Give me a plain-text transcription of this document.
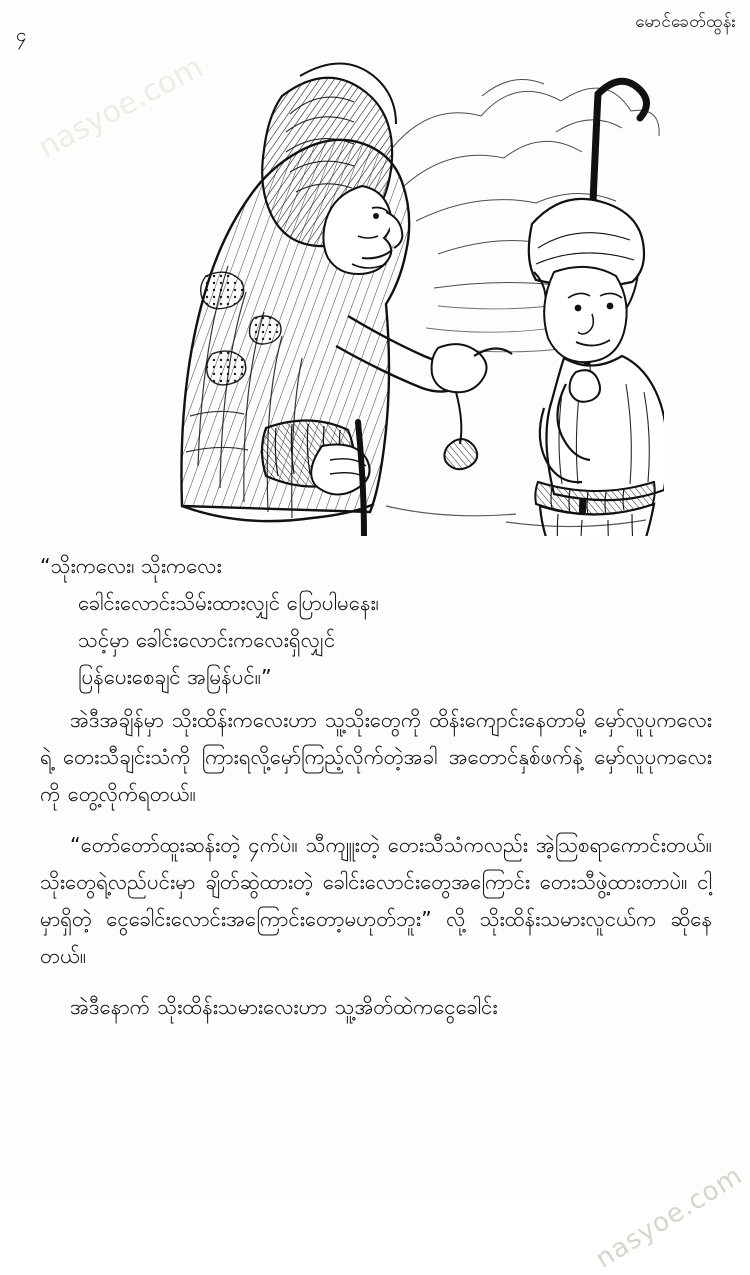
nasyoe.com
၄
မောင်ခေတ်ထွန်း
“သိုးကလေး၊ သိုးကလေး
ခေါင်းလောင်းသိမ်းထားလျှင် ပြောပါမနေး၊
သင့်မှာ ခေါင်းလောင်းကလေးရှိလျှင်
ပြန်ပေးစေချင် အမြန်ပင်။”

အဲဒီအချိန်မှာ သိုးထိန်းကလေးဟာ သူ့သိုးတွေကို ထိန်းကျောင်းနေတာမို့ မှော်လူပုကလေးရဲ့ တေးသီချင်းသံကို ကြားရလို့မှော်ကြည့်လိုက်တဲ့အခါ အတောင်နှစ်ဖက်နဲ့ မှော်လူပုကလေးကို တွေ့လိုက်ရတယ်။

“တော်တော်ထူးဆန်းတဲ့ ၄က်ပဲ။ သီကျူးတဲ့ တေးသီသံကလည်း အဲ့သြစရာကောင်းတယ်။ သိုးတွေရဲ့လည်ပင်းမှာ ချိတ်ဆွဲထားတဲ့ ခေါင်းလောင်းတွေအကြောင်း တေးသီဖွဲ့ထားတာပဲ။ ငါ့မှာရှိတဲ့ ငွေခေါင်းလောင်းအကြောင်းတော့မဟုတ်ဘူး” လို့ သိုးထိန်းသမားလူငယ်က ဆိုနေတယ်။

အဲဒီနောက် သိုးထိန်းသမားလေးဟာ သူ့အိတ်ထဲကငွေခေါင်း

nasyoe.com
